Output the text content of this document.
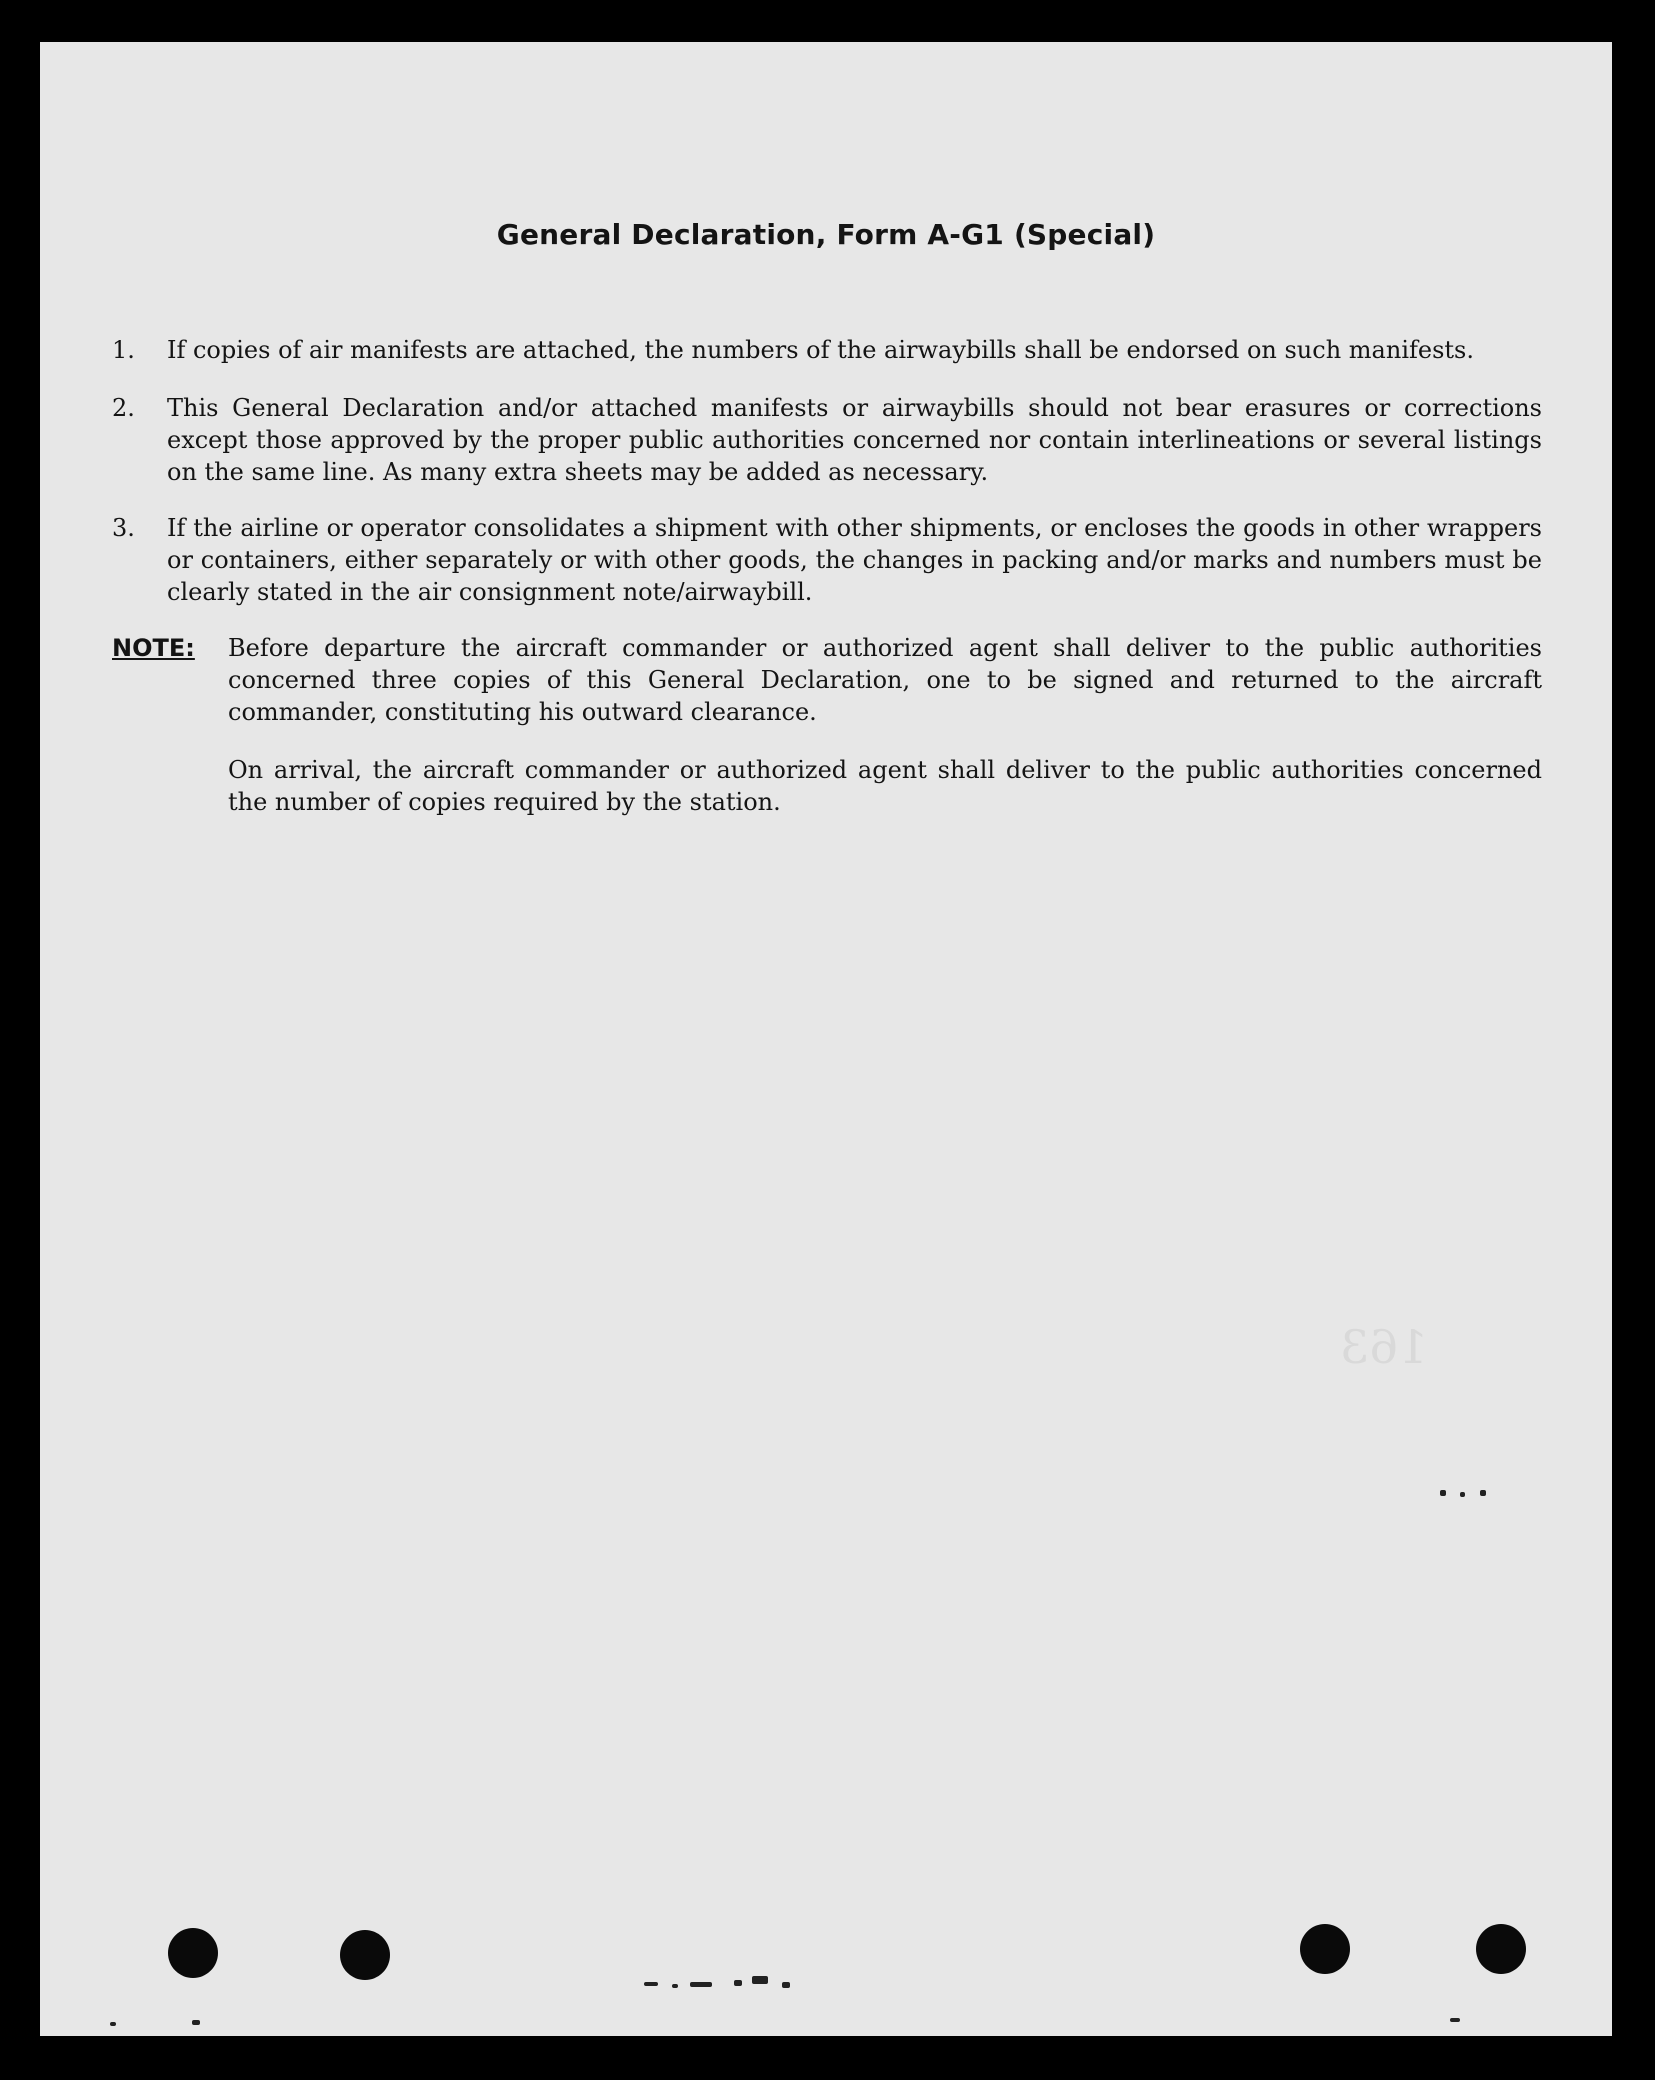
General Declaration, Form A-G1 (Special)
1.	If copies of air manifests are attached, the numbers of the airwaybills shall be endorsed on such manifests.
2.	This General Declaration and/or attached manifests or airwaybills should not bear erasures or corrections except those approved by the proper public authorities concerned nor contain interlineations or several listings on the same line. As many extra sheets may be added as necessary.
3.	If the airline or operator consolidates a shipment with other shipments, or encloses the goods in other wrappers or containers, either separately or with other goods, the changes in packing and/or marks and numbers must be clearly stated in the air consignment note/airwaybill.
NOTE: Before departure the aircraft commander or authorized agent shall deliver to the public authorities concerned three copies of this General Declaration, one to be signed and returned to the aircraft commander, constituting his outward clearance.
On arrival, the aircraft commander or authorized agent shall deliver to the public authorities concerned the number of copies required by the station.
163
